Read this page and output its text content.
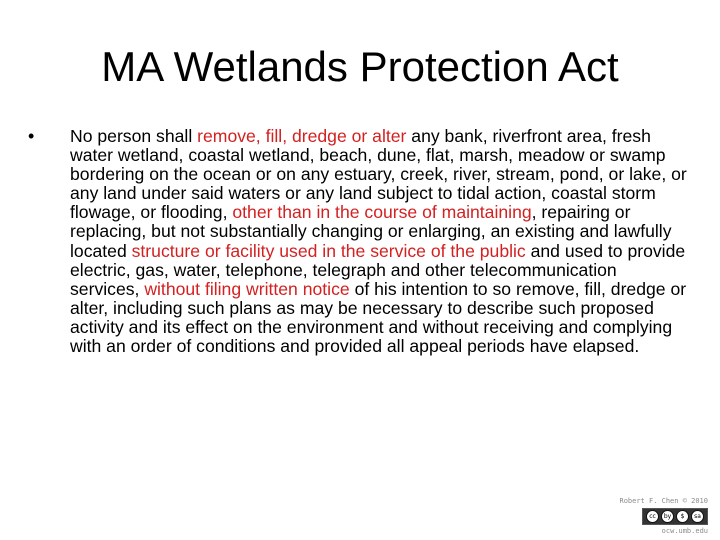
MA Wetlands Protection Act
• No person shall remove, fill, dredge or alter any bank, riverfront area, fresh water wetland, coastal wetland, beach, dune, flat, marsh, meadow or swamp bordering on the ocean or on any estuary, creek, river, stream, pond, or lake, or any land under said waters or any land subject to tidal action, coastal storm flowage, or flooding, other than in the course of maintaining, repairing or replacing, but not substantially changing or enlarging, an existing and lawfully located structure or facility used in the service of the public and used to provide electric, gas, water, telephone, telegraph and other telecommunication services, without filing written notice of his intention to so remove, fill, dredge or alter, including such plans as may be necessary to describe such proposed activity and its effect on the environment and without receiving and complying with an order of conditions and provided all appeal periods have elapsed.
Robert F. Chen © 2010
cc	by	$	sa
ocw.umb.edu
